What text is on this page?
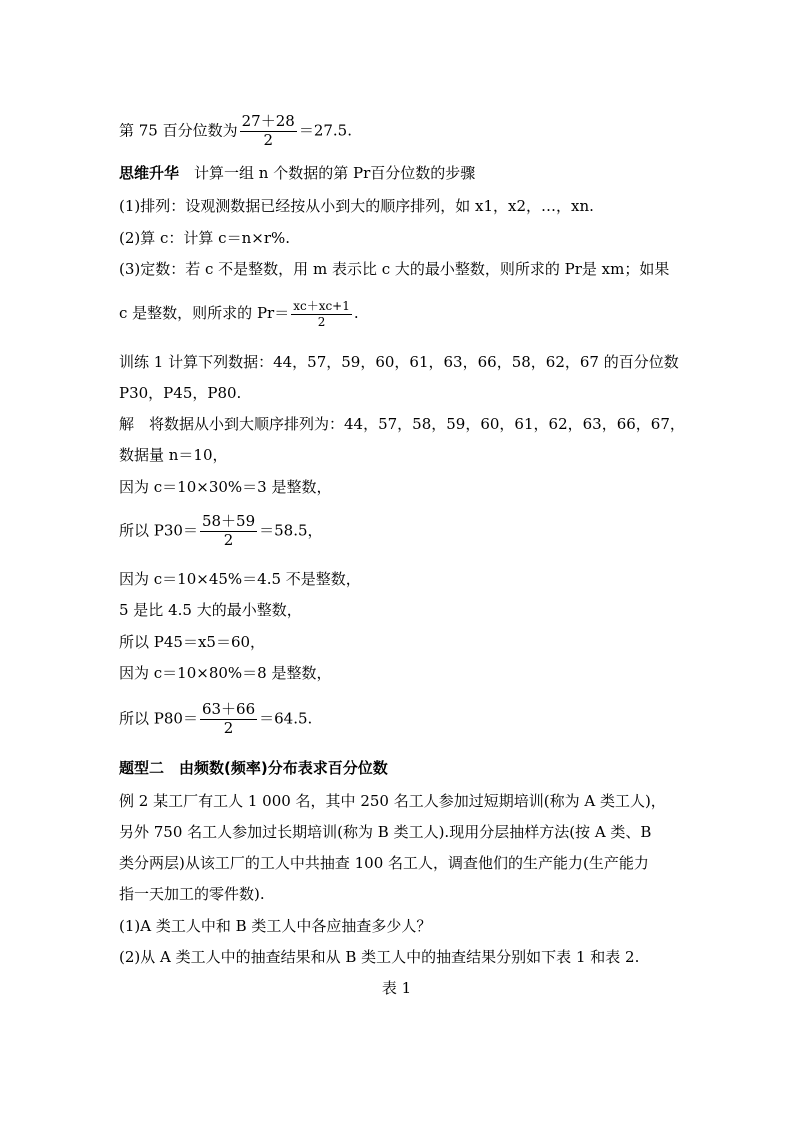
第 75 百分位数为 $\frac{27+28}{2} =27.5$.
思维升华　 计算一组 n 个数据的第 Pr百分位数的步骤
(1)排列：设观测数据已经按从小到大的顺序排列，如 x1，x2，…，xn.
(2)算 c：计算 c＝n×r%.
(3)定数：若 c 不是整数，用 m 表示比 c 大的最小整数，则所求的 Pr是 xm；如果
c 是整数，则所求的 $Pr= \frac{xc+xc+1}{2}$ .
训练 1 计算下列数据：44，57，59，60，61，63，66，58，62，67 的百分位数
P30，P45，P80.
解　将数据从小到大顺序排列为：44，57，58，59，60，61，62，63，66，67，
数据量 n＝10，
因为 c＝10×30%＝3 是整数，
所以 $P30= \frac{58+59}{2} =58.5$，
因为 c＝10×45%＝4.5 不是整数，
5 是比 4.5 大的最小整数，
所以 P45＝x5＝60，
因为 c＝10×80%＝8 是整数，
所以 $P80= \frac{63+66}{2} =64.5$.
题型二　由频数(频率)分布表求百分位数
例 2 某工厂有工人 1 000 名，其中 250 名工人参加过短期培训(称为 A 类工人)，
另外 750 名工人参加过长期培训(称为 B 类工人).现用分层抽样方法(按 A 类、B
类分两层)从该工厂的工人中共抽查 100 名工人，调查他们的生产能力(生产能力
指一天加工的零件数).
(1)A 类工人中和 B 类工人中各应抽查多少人？
(2)从 A 类工人中的抽查结果和从 B 类工人中的抽查结果分别如下表 1 和表 2.
表 1
